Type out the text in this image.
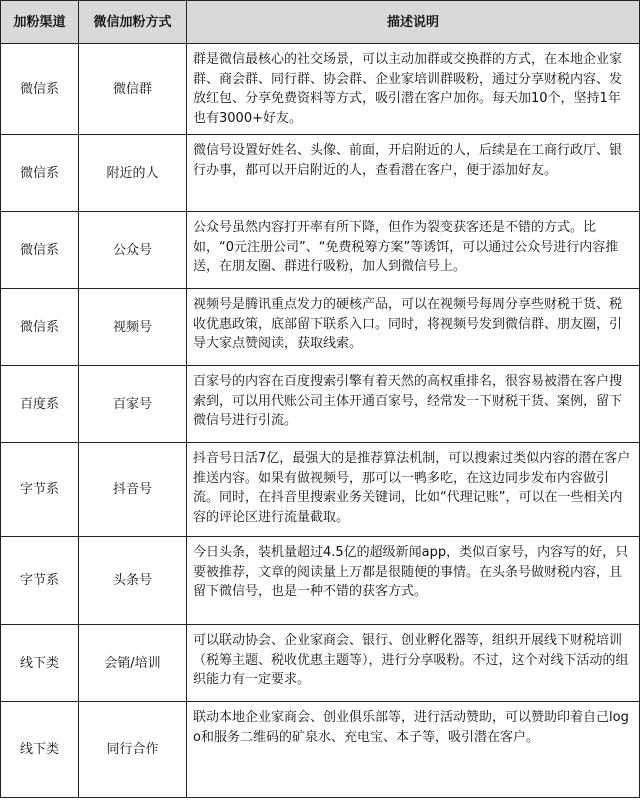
加粉渠道	微信加粉方式	描述说明
微信系	微信群	群是微信最核心的社交场景，可以主动加群或交换群的方式，在本地企业家群、商会群、同行群、协会群、企业家培训群吸粉，通过分享财税内容、发放红包、分享免费资料等方式，吸引潜在客户加你。每天加10个，坚持1年也有3000+好友。
微信系	附近的人	微信号设置好姓名、头像、前面，开启附近的人，后续是在工商行政厅、银行办事，都可以开启附近的人，查看潜在客户，便于添加好友。
微信系	公众号	公众号虽然内容打开率有所下降，但作为裂变获客还是不错的方式。比如，“0元注册公司”、“免费税筹方案”等诱饵，可以通过公众号进行内容推送，在朋友圈、群进行吸粉，加人到微信号上。
微信系	视频号	视频号是腾讯重点发力的硬核产品，可以在视频号每周分享些财税干货、税收优惠政策，底部留下联系入口。同时，将视频号发到微信群、朋友圈，引导大家点赞阅读，获取线索。
百度系	百家号	百家号的内容在百度搜索引擎有着天然的高权重排名，很容易被潜在客户搜索到，可以用代账公司主体开通百家号，经常发一下财税干货、案例，留下微信号进行引流。
字节系	抖音号	抖音号日活7亿，最强大的是推荐算法机制，可以搜索过类似内容的潜在客户推送内容。如果有做视频号，那可以一鸭多吃，在这边同步发布内容做引流。同时，在抖音里搜索业务关键词，比如“代理记账”，可以在一些相关内容的评论区进行流量截取。
字节系	头条号	今日头条，装机量超过4.5亿的超级新闻app，类似百家号，内容写的好，只要被推荐，文章的阅读量上万都是很随便的事情。在头条号做财税内容，且留下微信号，也是一种不错的获客方式。
线下类	会销/培训	可以联动协会、企业家商会、银行、创业孵化器等，组织开展线下财税培训（税筹主题、税收优惠主题等），进行分享吸粉。不过，这个对线下活动的组织能力有一定要求。
线下类	同行合作	联动本地企业家商会、创业俱乐部等，进行活动赞助，可以赞助印着自己logo和服务二维码的矿泉水、充电宝、本子等，吸引潜在客户。
